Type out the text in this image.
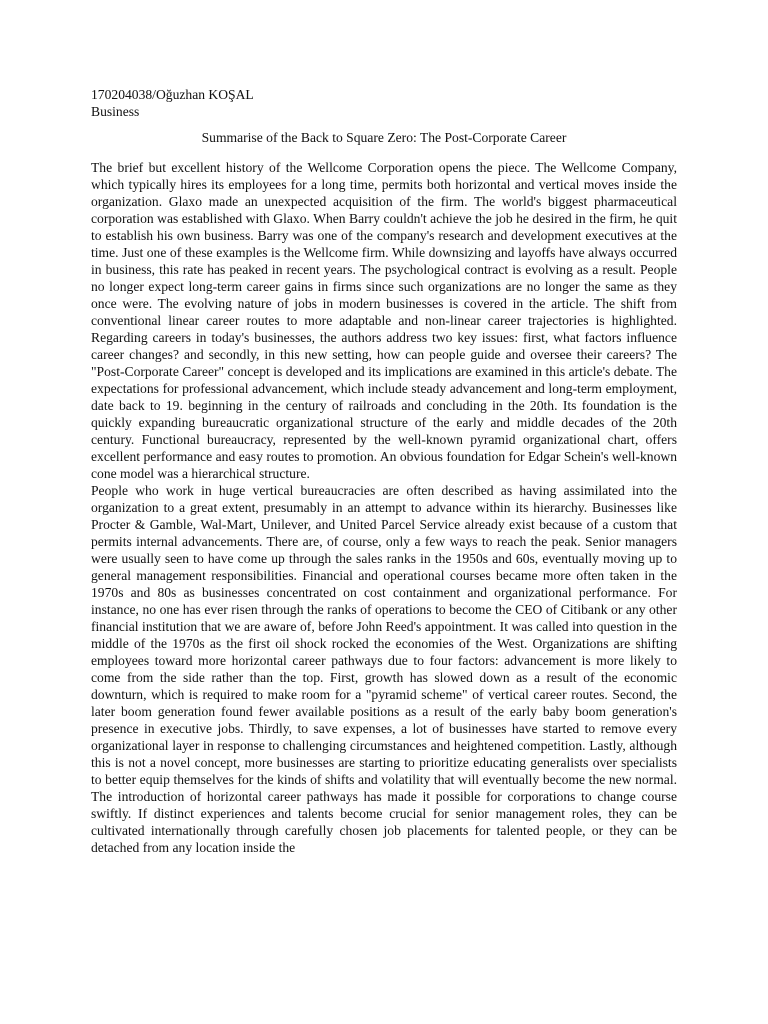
170204038/Oğuzhan KOŞAL
Business
Summarise of the Back to Square Zero: The Post-Corporate Career

The brief but excellent history of the Wellcome Corporation opens the piece. The Wellcome Company, which typically hires its employees for a long time, permits both horizontal and vertical moves inside the organization. Glaxo made an unexpected acquisition of the firm. The world's biggest pharmaceutical corporation was established with Glaxo. When Barry couldn't achieve the job he desired in the firm, he quit to establish his own business. Barry was one of the company's research and development executives at the time. Just one of these examples is the Wellcome firm. While downsizing and layoffs have always occurred in business, this rate has peaked in recent years. The psychological contract is evolving as a result. People no longer expect long-term career gains in firms since such organizations are no longer the same as they once were. The evolving nature of jobs in modern businesses is covered in the article. The shift from conventional linear career routes to more adaptable and non-linear career trajectories is highlighted. Regarding careers in today's businesses, the authors address two key issues: first, what factors influence career changes? and secondly, in this new setting, how can people guide and oversee their careers? The "Post-Corporate Career" concept is developed and its implications are examined in this article's debate. The expectations for professional advancement, which include steady advancement and long-term employment, date back to 19. beginning in the century of railroads and concluding in the 20th. Its foundation is the quickly expanding bureaucratic organizational structure of the early and middle decades of the 20th century. Functional bureaucracy, represented by the well-known pyramid organizational chart, offers excellent performance and easy routes to promotion. An obvious foundation for Edgar Schein's well-known cone model was a hierarchical structure.

People who work in huge vertical bureaucracies are often described as having assimilated into the organization to a great extent, presumably in an attempt to advance within its hierarchy. Businesses like Procter & Gamble, Wal-Mart, Unilever, and United Parcel Service already exist because of a custom that permits internal advancements. There are, of course, only a few ways to reach the peak. Senior managers were usually seen to have come up through the sales ranks in the 1950s and 60s, eventually moving up to general management responsibilities. Financial and operational courses became more often taken in the 1970s and 80s as businesses concentrated on cost containment and organizational performance. For instance, no one has ever risen through the ranks of operations to become the CEO of Citibank or any other financial institution that we are aware of, before John Reed's appointment. It was called into question in the middle of the 1970s as the first oil shock rocked the economies of the West. Organizations are shifting employees toward more horizontal career pathways due to four factors: advancement is more likely to come from the side rather than the top. First, growth has slowed down as a result of the economic downturn, which is required to make room for a "pyramid scheme" of vertical career routes. Second, the later boom generation found fewer available positions as a result of the early baby boom generation's presence in executive jobs. Thirdly, to save expenses, a lot of businesses have started to remove every organizational layer in response to challenging circumstances and heightened competition. Lastly, although this is not a novel concept, more businesses are starting to prioritize educating generalists over specialists to better equip themselves for the kinds of shifts and volatility that will eventually become the new normal. The introduction of horizontal career pathways has made it possible for corporations to change course swiftly. If distinct experiences and talents become crucial for senior management roles, they can be cultivated internationally through carefully chosen job placements for talented people, or they can be detached from any location inside the
